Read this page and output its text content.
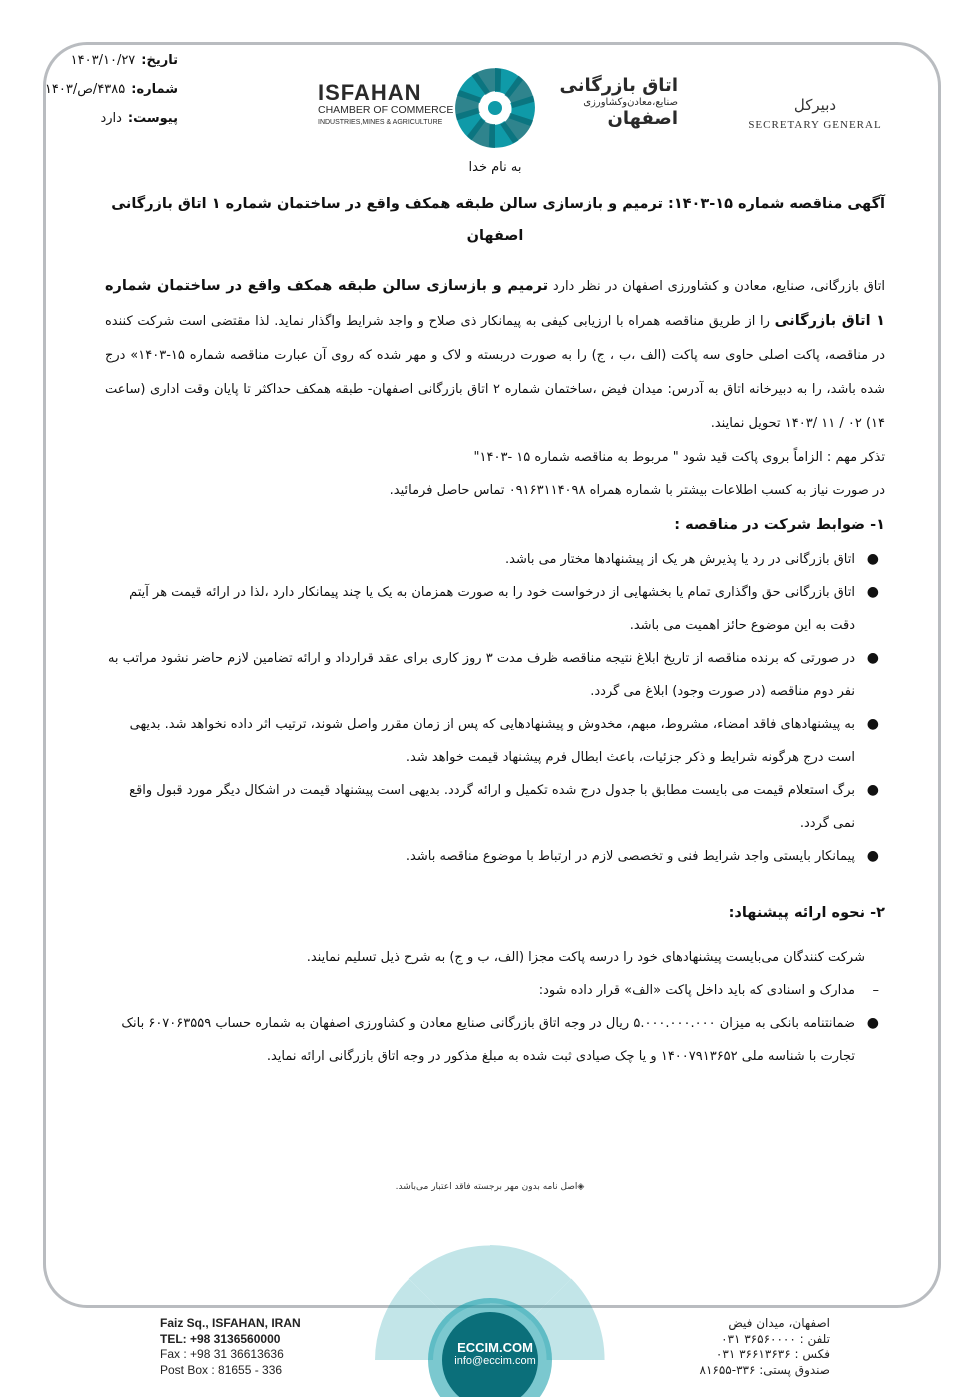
تاریخ:
۱۴۰۳/۱۰/۲۷
شماره:
۴۳۸۵/ص/۱۴۰۳
پیوست:
دارد
ISFAHAN
CHAMBER OF COMMERCE
INDUSTRIES,MINES & AGRICULTURE
اتاق بازرگانی
صنایع،معادن‌وکشاورزی
اصفهان
دبیرکل
SECRETARY GENERAL
به نام خدا
آگهی مناقصه شماره ۱۵-۱۴۰۳: ترمیم و بازسازی سالن طبقه همکف واقع در ساختمان شماره ۱ اتاق بازرگانی
اصفهان
اتاق بازرگانی، صنایع، معادن و کشاورزی اصفهان در نظر دارد ترمیم و بازسازی سالن طبقه همکف واقع در ساختمان شماره ۱ اتاق بازرگانی را از طریق مناقصه همراه با ارزیابی کیفی به پیمانکار ذی صلاح و واجد شرایط واگذار نماید. لذا مقتضی است شرکت کننده در مناقصه، پاکت اصلی حاوی سه پاکت (الف ،ب ، ج) را به صورت دربسته و لاک و مهر شده که روی آن عبارت مناقصه شماره ۱۵-۱۴۰۳» درج شده باشد، را به دبیرخانه اتاق به آدرس: میدان فیض ،ساختمان شماره ۲ اتاق بازرگانی اصفهان- طبقه همکف حداکثر تا پایان وقت اداری (ساعت ۱۴) ۰۲ / ۱۱ /۱۴۰۳ تحویل نمایند.
تذکر مهم : الزاماً بروی پاکت قید شود " مربوط به مناقصه شماره ۱۵ -۱۴۰۳"
در صورت نیاز به کسب اطلاعات بیشتر با شماره همراه ۰۹۱۶۳۱۱۴۰۹۸ تماس حاصل فرمائید.
۱- ضوابط شرکت در مناقصه :
●
اتاق بازرگانی در رد یا پذیرش هر یک از پیشنهادها مختار می باشد.
●
اتاق بازرگانی حق واگذاری تمام یا بخشهایی از درخواست خود را به صورت همزمان به یک یا چند پیمانکار دارد ،لذا در ارائه قیمت هر آیتم دقت به این موضوع حائز اهمیت می باشد.
●
در صورتی که برنده مناقصه از تاریخ ابلاغ نتیجه مناقصه ظرف مدت ۳ روز کاری برای عقد قرارداد و ارائه تضامین لازم حاضر نشود مراتب به نفر دوم مناقصه (در صورت وجود) ابلاغ می گردد.
●
به پیشنهادهای فاقد امضاء، مشروط، مبهم، مخدوش و پیشنهادهایی که پس از زمان مقرر واصل شوند، ترتیب اثر داده نخواهد شد. بدیهی است درج هرگونه شرایط و ذکر جزئیات، باعث ابطال فرم پیشنهاد قیمت خواهد شد.
●
برگ استعلام قیمت می بایست مطابق با جدول درج شده تکمیل و ارائه گردد. بدیهی است پیشنهاد قیمت در اشکال دیگر مورد قبول واقع نمی گردد.
●
پیمانکار بایستی واجد شرایط فنی و تخصصی لازم در ارتباط با موضوع مناقصه باشد.
۲- نحوه ارائه پیشنهاد:
شرکت کنندگان می‌بایست پیشنهادهای خود را درسه پاکت مجزا (الف، ب و ج) به شرح ذیل تسلیم نمایند.
–
مدارک و اسنادی که باید داخل پاکت «الف» قرار داده شود:
●
ضمانتنامه بانکی به میزان ۵.۰۰۰.۰۰۰.۰۰۰ ریال در وجه اتاق بازرگانی صنایع معادن و کشاورزی اصفهان به شماره حساب ۶۰۷۰۶۳۵۵۹ بانک تجارت با شناسه ملی ۱۴۰۰۷۹۱۳۶۵۲ و یا چک صیادی ثبت شده به مبلغ مذکور در وجه اتاق بازرگانی ارائه نماید.
◈اصل نامه بدون مهر برجسته فاقد اعتبار می‌باشد.
Faiz Sq., ISFAHAN, IRAN
TEL: +98 3136560000
Fax : +98 31 36613636
Post Box : 81655 - 336
ECCIM.COM
info@eccim.com
اصفهان، میدان فیض
تلفن : ۳۶۵۶۰۰۰۰ ۰۳۱
فکس : ۳۶۶۱۳۶۳۶ ۰۳۱
صندوق پستی: ۳۳۶-۸۱۶۵۵
